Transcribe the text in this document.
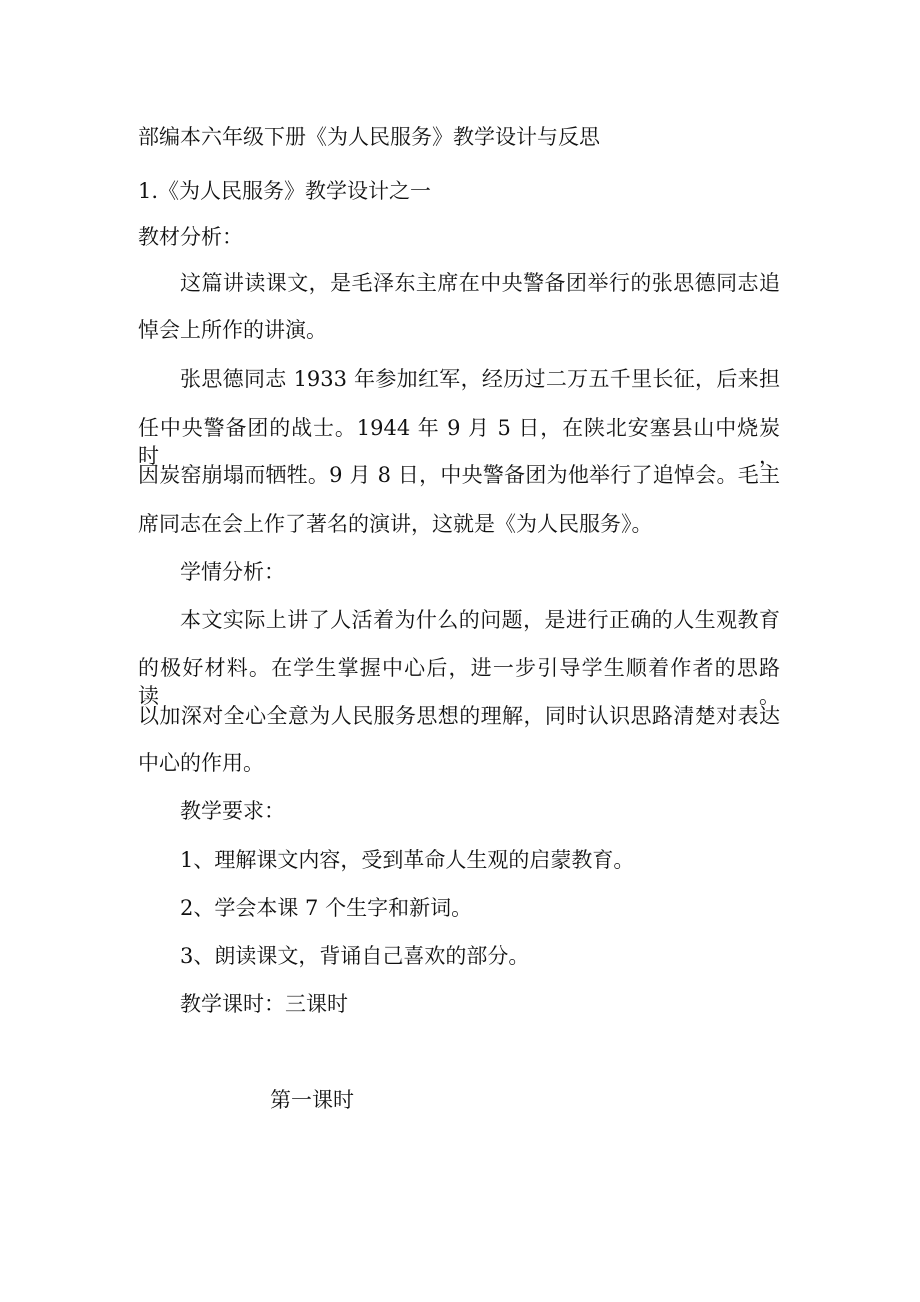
部编本六年级下册《为人民服务》教学设计与反思
1.《为人民服务》教学设计之一
教材分析：
这篇讲读课文，是毛泽东主席在中央警备团举行的张思德同志追
悼会上所作的讲演。
张思德同志 1933 年参加红军，经历过二万五千里长征，后来担
任中央警备团的战士。1944 年 9 月 5 日，在陕北安塞县山中烧炭时，
因炭窑崩塌而牺牲。9 月 8 日，中央警备团为他举行了追悼会。毛主
席同志在会上作了著名的演讲，这就是《为人民服务》。
学情分析：
本文实际上讲了人活着为什么的问题，是进行正确的人生观教育
的极好材料。在学生掌握中心后，进一步引导学生顺着作者的思路读。
以加深对全心全意为人民服务思想的理解，同时认识思路清楚对表达
中心的作用。
教学要求：
1、理解课文内容，受到革命人生观的启蒙教育。
2、学会本课 7 个生字和新词。
3、朗读课文，背诵自己喜欢的部分。
教学课时：三课时
第一课时
